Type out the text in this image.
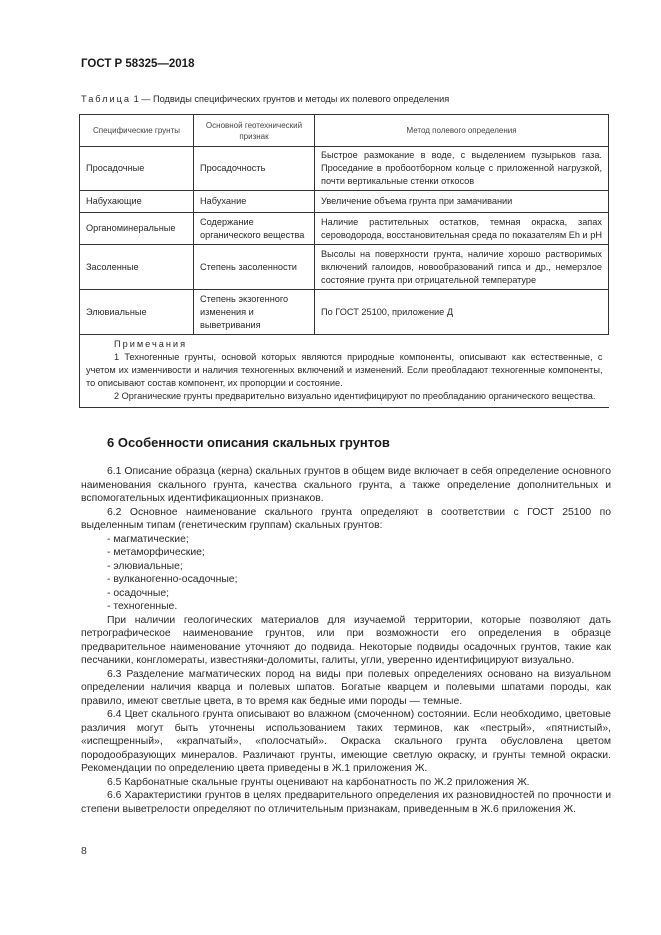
ГОСТ Р 58325—2018
Таблица 1 — Подвиды специфических грунтов и методы их полевого определения
Специфические грунты	Основной геотехнический признак	Метод полевого определения
Просадочные	Просадочность	Быстрое размокание в воде, с выделением пузырьков газа. Проседание в пробоотборном кольце с приложенной нагрузкой, почти вертикальные стенки откосов
Набухающие	Набухание	Увеличение объема грунта при замачивании
Органоминеральные	Содержание органического вещества	Наличие растительных остатков, темная окраска, запах сероводорода, восстановительная среда по показателям Eh и pH
Засоленные	Степень засоленности	Высолы на поверхности грунта, наличие хорошо растворимых включений галоидов, новообразований гипса и др., немерзлое состояние грунта при отрицательной температуре
Элювиальные	Степень экзогенного изменения и выветривания	По ГОСТ 25100, приложение Д

Примечания
1 Техногенные грунты, основой которых являются природные компоненты, описывают как естественные, с учетом их изменчивости и наличия техногенных включений и изменений. Если преобладают техногенные компоненты, то описывают состав компонент, их пропорции и состояние.
2 Органические грунты предварительно визуально идентифицируют по преобладанию органического вещества.		
6 Особенности описания скальных грунтов

6.1 Описание образца (керна) скальных грунтов в общем виде включает в себя определение основного наименования скального грунта, качества скального грунта, а также определение дополнительных и вспомогательных идентификационных признаков.

6.2 Основное наименование скального грунта определяют в соответствии с ГОСТ 25100 по выделенным типам (генетическим группам) скальных грунтов:

- магматические;
- метаморфические;
- элювиальные;
- вулканогенно-осадочные;
- осадочные;
- техногенные.

При наличии геологических материалов для изучаемой территории, которые позволяют дать петрографическое наименование грунтов, или при возможности его определения в образце предварительное наименование уточняют до подвида. Некоторые подвиды осадочных грунтов, такие как песчаники, конгломераты, известняки-доломиты, галиты, угли, уверенно идентифицируют визуально.

6.3 Разделение магматических пород на виды при полевых определениях основано на визуальном определении наличия кварца и полевых шпатов. Богатые кварцем и полевыми шпатами породы, как правило, имеют светлые цвета, в то время как бедные ими породы — темные.

6.4 Цвет скального грунта описывают во влажном (смоченном) состоянии. Если необходимо, цветовые различия могут быть уточнены использованием таких терминов, как «пестрый», «пятнистый», «испещренный», «крапчатый», «полосчатый». Окраска скального грунта обусловлена цветом породообразующих минералов. Различают грунты, имеющие светлую окраску, и грунты темной окраски. Рекомендации по определению цвета приведены в Ж.1 приложения Ж.

6.5 Карбонатные скальные грунты оценивают на карбонатность по Ж.2 приложения Ж.

6.6 Характеристики грунтов в целях предварительного определения их разновидностей по прочности и степени выветрелости определяют по отличительным признакам, приведенным в Ж.6 приложения Ж.

8
